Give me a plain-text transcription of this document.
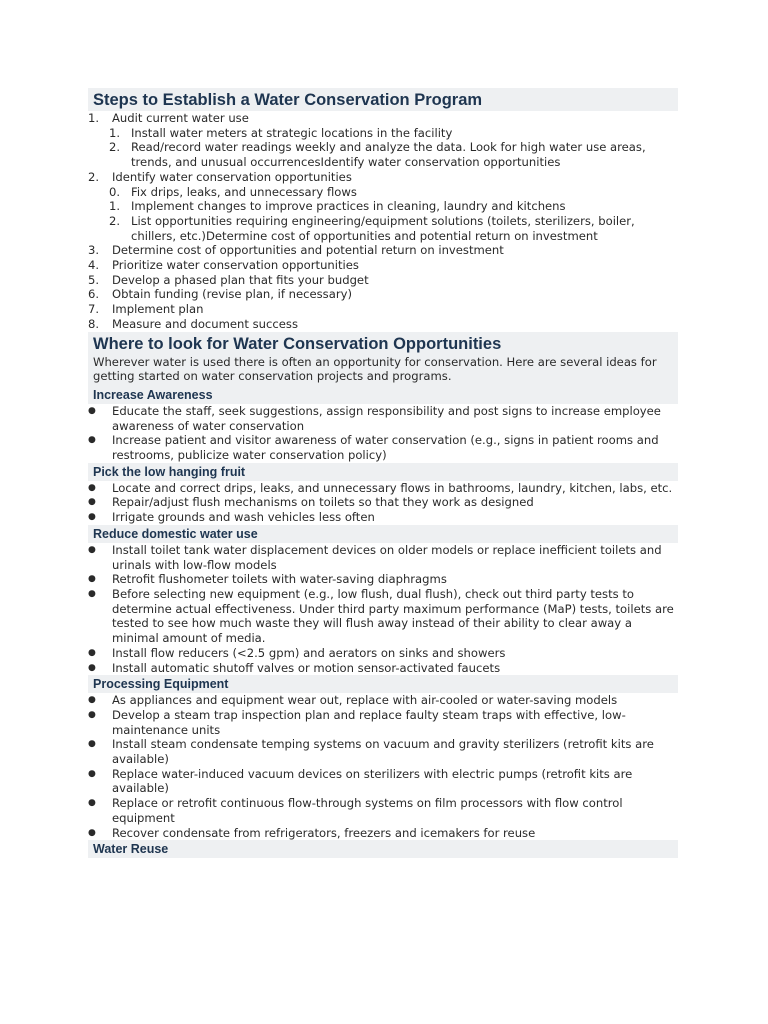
Steps to Establish a Water Conservation Program
1.	Audit current water use
1. Install water meters at strategic locations in the facility
2. Read/record water readings weekly and analyze the data. Look for high water use areas, trends, and unusual occurrencesIdentify water conservation opportunities
2.	Identify water conservation opportunities
0. Fix drips, leaks, and unnecessary flows
1. Implement changes to improve practices in cleaning, laundry and kitchens
2. List opportunities requiring engineering/equipment solutions (toilets, sterilizers, boiler, chillers, etc.)Determine cost of opportunities and potential return on investment
3.	Determine cost of opportunities and potential return on investment
4.	Prioritize water conservation opportunities
5.	Develop a phased plan that fits your budget
6.	Obtain funding (revise plan, if necessary)
7.	Implement plan
8.	Measure and document success
Where to look for Water Conservation Opportunities
Wherever water is used there is often an opportunity for conservation. Here are several ideas for getting started on water conservation projects and programs.
Increase Awareness
●	Educate the staff, seek suggestions, assign responsibility and post signs to increase employee awareness of water conservation
●	Increase patient and visitor awareness of water conservation (e.g., signs in patient rooms and restrooms, publicize water conservation policy)
Pick the low hanging fruit
●	Locate and correct drips, leaks, and unnecessary flows in bathrooms, laundry, kitchen, labs, etc.
●	Repair/adjust flush mechanisms on toilets so that they work as designed
●	Irrigate grounds and wash vehicles less often
Reduce domestic water use
●	Install toilet tank water displacement devices on older models or replace inefficient toilets and urinals with low-flow models
●	Retrofit flushometer toilets with water-saving diaphragms
●	Before selecting new equipment (e.g., low flush, dual flush), check out third party tests to determine actual effectiveness. Under third party maximum performance (MaP) tests, toilets are tested to see how much waste they will flush away instead of their ability to clear away a minimal amount of media.
●	Install flow reducers (<2.5 gpm) and aerators on sinks and showers
●	Install automatic shutoff valves or motion sensor-activated faucets
Processing Equipment
●	As appliances and equipment wear out, replace with air-cooled or water-saving models
●	Develop a steam trap inspection plan and replace faulty steam traps with effective, low-maintenance units
●	Install steam condensate temping systems on vacuum and gravity sterilizers (retrofit kits are available)
●	Replace water-induced vacuum devices on sterilizers with electric pumps (retrofit kits are available)
●	Replace or retrofit continuous flow-through systems on film processors with flow control equipment
●	Recover condensate from refrigerators, freezers and icemakers for reuse
Water Reuse
